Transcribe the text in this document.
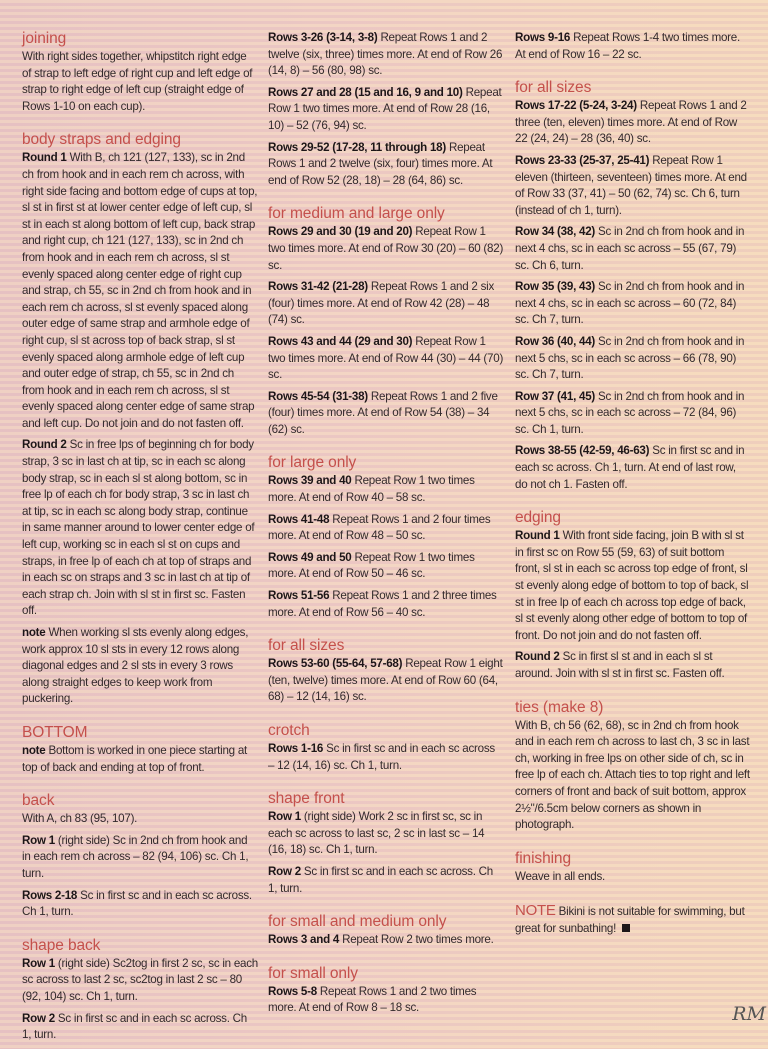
joining

With right sides together, whipstitch right edge of strap to left edge of right cup and left edge of strap to right edge of left cup (straight edge of Rows 1-10 on each cup).

body straps and edging

Round 1 With B, ch 121 (127, 133), sc in 2nd ch from hook and in each rem ch across, with right side facing and bottom edge of cups at top, sl st in first st at lower center edge of left cup, sl st in each st along bottom of left cup, back strap and right cup, ch 121 (127, 133), sc in 2nd ch from hook and in each rem ch across, sl st evenly spaced along center edge of right cup and strap, ch 55, sc in 2nd ch from hook and in each rem ch across, sl st evenly spaced along outer edge of same strap and armhole edge of right cup, sl st across top of back strap, sl st evenly spaced along armhole edge of left cup and outer edge of strap, ch 55, sc in 2nd ch from hook and in each rem ch across, sl st evenly spaced along center edge of same strap and left cup. Do not join and do not fasten off.

Round 2 Sc in free lps of beginning ch for body strap, 3 sc in last ch at tip, sc in each sc along body strap, sc in each sl st along bottom, sc in free lp of each ch for body strap, 3 sc in last ch at tip, sc in each sc along body strap, continue in same manner around to lower center edge of left cup, working sc in each sl st on cups and straps, in free lp of each ch at top of straps and in each sc on straps and 3 sc in last ch at tip of each strap ch. Join with sl st in first sc. Fasten off.

note When working sl sts evenly along edges, work approx 10 sl sts in every 12 rows along diagonal edges and 2 sl sts in every 3 rows along straight edges to keep work from puckering.

BOTTOM

note Bottom is worked in one piece starting at top of back and ending at top of front.

back

With A, ch 83 (95, 107).

Row 1 (right side) Sc in 2nd ch from hook and in each rem ch across – 82 (94, 106) sc. Ch 1, turn.

Rows 2-18 Sc in first sc and in each sc across. Ch 1, turn.

shape back

Row 1 (right side) Sc2tog in first 2 sc, sc in each sc across to last 2 sc, sc2tog in last 2 sc – 80 (92, 104) sc. Ch 1, turn.

Row 2 Sc in first sc and in each sc across. Ch 1, turn.

Rows 3-26 (3-14, 3-8) Repeat Rows 1 and 2 twelve (six, three) times more. At end of Row 26 (14, 8) – 56 (80, 98) sc.

Rows 27 and 28 (15 and 16, 9 and 10) Repeat Row 1 two times more. At end of Row 28 (16, 10) – 52 (76, 94) sc.

Rows 29-52 (17-28, 11 through 18) Repeat Rows 1 and 2 twelve (six, four) times more. At end of Row 52 (28, 18) – 28 (64, 86) sc.

for medium and large only

Rows 29 and 30 (19 and 20) Repeat Row 1 two times more. At end of Row 30 (20) – 60 (82) sc.

Rows 31-42 (21-28) Repeat Rows 1 and 2 six (four) times more. At end of Row 42 (28) – 48 (74) sc.

Rows 43 and 44 (29 and 30) Repeat Row 1 two times more. At end of Row 44 (30) – 44 (70) sc.

Rows 45-54 (31-38) Repeat Rows 1 and 2 five (four) times more. At end of Row 54 (38) – 34 (62) sc.

for large only

Rows 39 and 40 Repeat Row 1 two times more. At end of Row 40 – 58 sc.

Rows 41-48 Repeat Rows 1 and 2 four times more. At end of Row 48 – 50 sc.

Rows 49 and 50 Repeat Row 1 two times more. At end of Row 50 – 46 sc.

Rows 51-56 Repeat Rows 1 and 2 three times more. At end of Row 56 – 40 sc.

for all sizes

Rows 53-60 (55-64, 57-68) Repeat Row 1 eight (ten, twelve) times more. At end of Row 60 (64, 68) – 12 (14, 16) sc.

crotch

Rows 1-16 Sc in first sc and in each sc across – 12 (14, 16) sc. Ch 1, turn.

shape front

Row 1 (right side) Work 2 sc in first sc, sc in each sc across to last sc, 2 sc in last sc – 14 (16, 18) sc. Ch 1, turn.

Row 2 Sc in first sc and in each sc across. Ch 1, turn.

for small and medium only

Rows 3 and 4 Repeat Row 2 two times more.

for small only

Rows 5-8 Repeat Rows 1 and 2 two times more. At end of Row 8 – 18 sc.

Rows 9-16 Repeat Rows 1-4 two times more. At end of Row 16 – 22 sc.

for all sizes

Rows 17-22 (5-24, 3-24) Repeat Rows 1 and 2 three (ten, eleven) times more. At end of Row 22 (24, 24) – 28 (36, 40) sc.

Rows 23-33 (25-37, 25-41) Repeat Row 1 eleven (thirteen, seventeen) times more. At end of Row 33 (37, 41) – 50 (62, 74) sc. Ch 6, turn (instead of ch 1, turn).

Row 34 (38, 42) Sc in 2nd ch from hook and in next 4 chs, sc in each sc across – 55 (67, 79) sc. Ch 6, turn.

Row 35 (39, 43) Sc in 2nd ch from hook and in next 4 chs, sc in each sc across – 60 (72, 84) sc. Ch 7, turn.

Row 36 (40, 44) Sc in 2nd ch from hook and in next 5 chs, sc in each sc across – 66 (78, 90) sc. Ch 7, turn.

Row 37 (41, 45) Sc in 2nd ch from hook and in next 5 chs, sc in each sc across – 72 (84, 96) sc. Ch 1, turn.

Rows 38-55 (42-59, 46-63) Sc in first sc and in each sc across. Ch 1, turn. At end of last row, do not ch 1. Fasten off.

edging

Round 1 With front side facing, join B with sl st in first sc on Row 55 (59, 63) of suit bottom front, sl st in each sc across top edge of front, sl st evenly along edge of bottom to top of back, sl st in free lp of each ch across top edge of back, sl st evenly along other edge of bottom to top of front. Do not join and do not fasten off.

Round 2 Sc in first sl st and in each sl st around. Join with sl st in first sc. Fasten off.

ties (make 8)

With B, ch 56 (62, 68), sc in 2nd ch from hook and in each rem ch across to last ch, 3 sc in last ch, working in free lps on other side of ch, sc in free lp of each ch. Attach ties to top right and left corners of front and back of suit bottom, approx 2½"/6.5cm below corners as shown in photograph.

finishing

Weave in all ends.

NOTE Bikini is not suitable for swimming, but great for sunbathing!

RM
